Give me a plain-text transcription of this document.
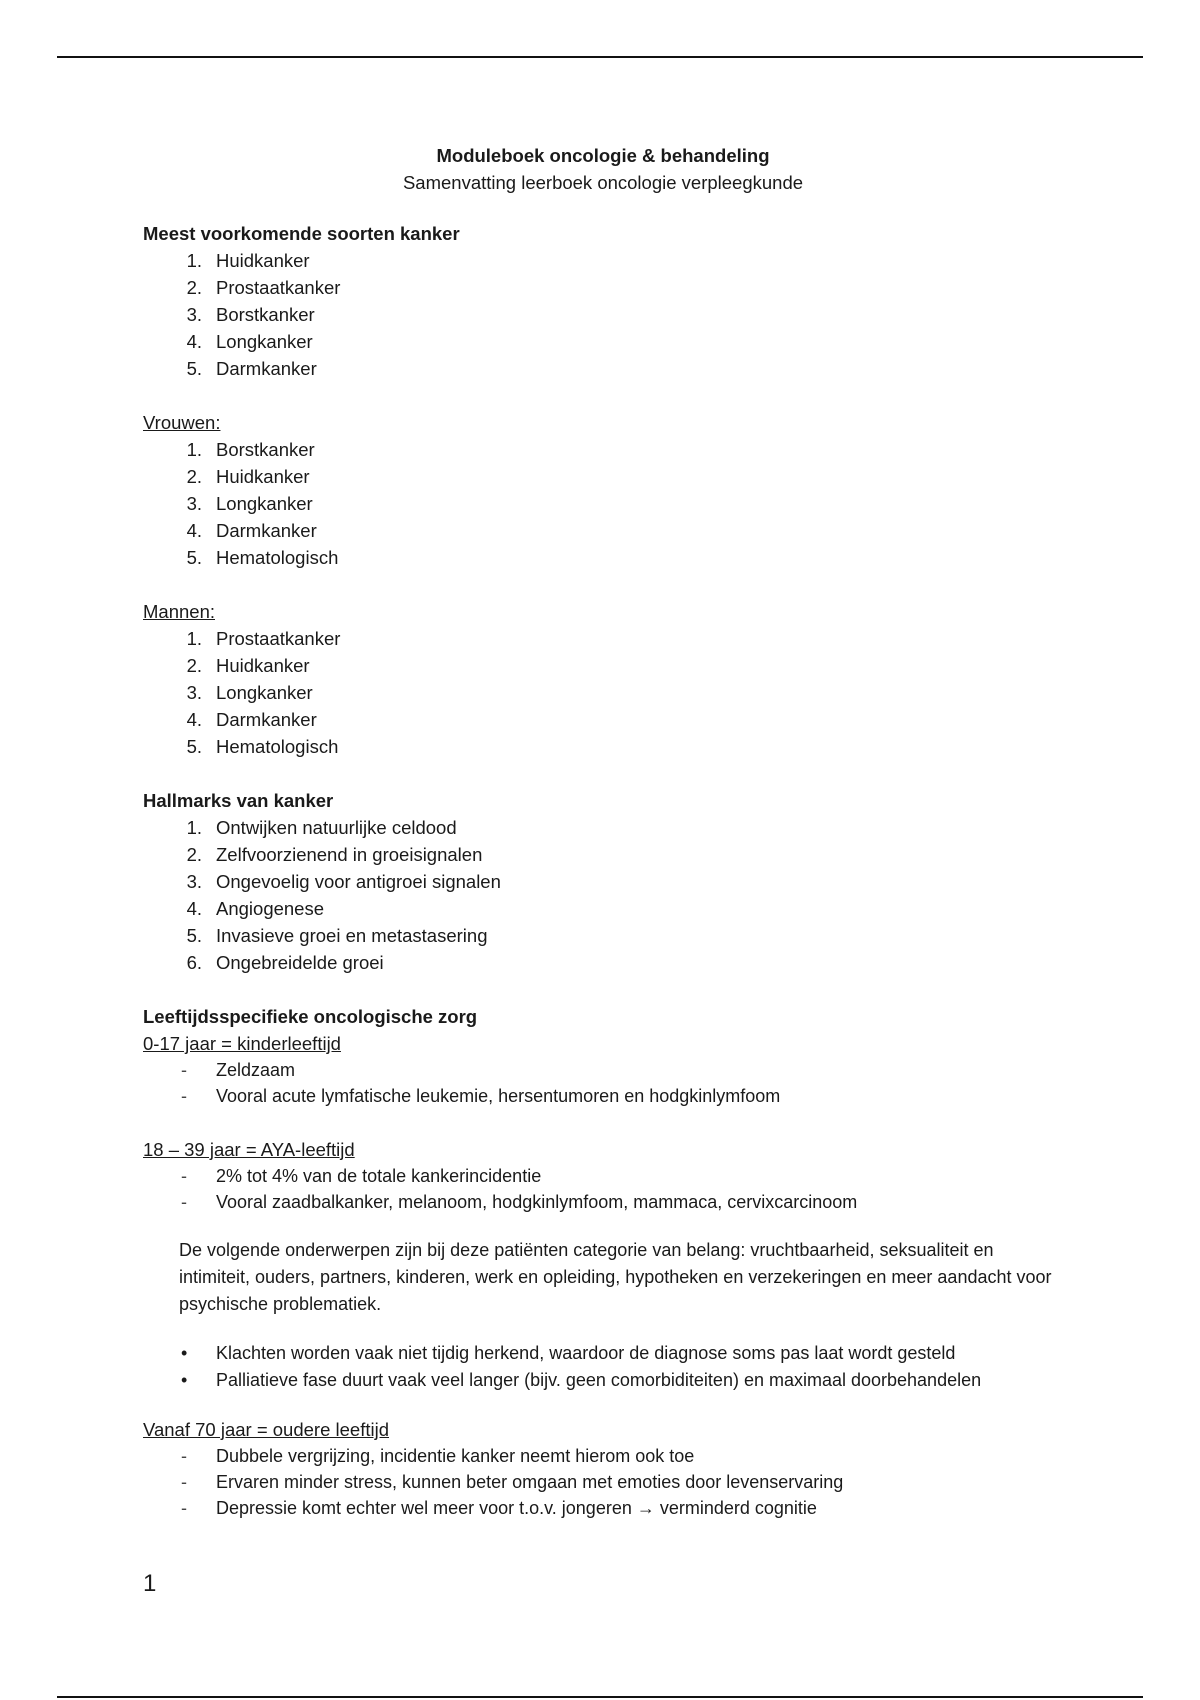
Moduleboek oncologie & behandeling

Samenvatting leerboek oncologie verpleegkunde

Meest voorkomende soorten kanker

1. Huidkanker
2. Prostaatkanker
3. Borstkanker
4. Longkanker
5. Darmkanker

Vrouwen:

1. Borstkanker
2. Huidkanker
3. Longkanker
4. Darmkanker
5. Hematologisch

Mannen:

1. Prostaatkanker
2. Huidkanker
3. Longkanker
4. Darmkanker
5. Hematologisch

Hallmarks van kanker

1. Ontwijken natuurlijke celdood
2. Zelfvoorzienend in groeisignalen
3. Ongevoelig voor antigroei signalen
4. Angiogenese
5. Invasieve groei en metastasering
6. Ongebreidelde groei

Leeftijdsspecifieke oncologische zorg

0-17 jaar = kinderleeftijd

- Zeldzaam
- Vooral acute lymfatische leukemie, hersentumoren en hodgkinlymfoom

18 – 39 jaar = AYA-leeftijd

- 2% tot 4% van de totale kankerincidentie
- Vooral zaadbalkanker, melanoom, hodgkinlymfoom, mammaca, cervixcarcinoom

De volgende onderwerpen zijn bij deze patiënten categorie van belang: vruchtbaarheid, seksualiteit en intimiteit, ouders, partners, kinderen, werk en opleiding, hypotheken en verzekeringen en meer aandacht voor psychische problematiek.

• Klachten worden vaak niet tijdig herkend, waardoor de diagnose soms pas laat wordt gesteld
• Palliatieve fase duurt vaak veel langer (bijv. geen comorbiditeiten) en maximaal doorbehandelen

Vanaf 70 jaar = oudere leeftijd

- Dubbele vergrijzing, incidentie kanker neemt hierom ook toe
- Ervaren minder stress, kunnen beter omgaan met emoties door levenservaring
- Depressie komt echter wel meer voor t.o.v. jongeren → verminderd cognitie
1
